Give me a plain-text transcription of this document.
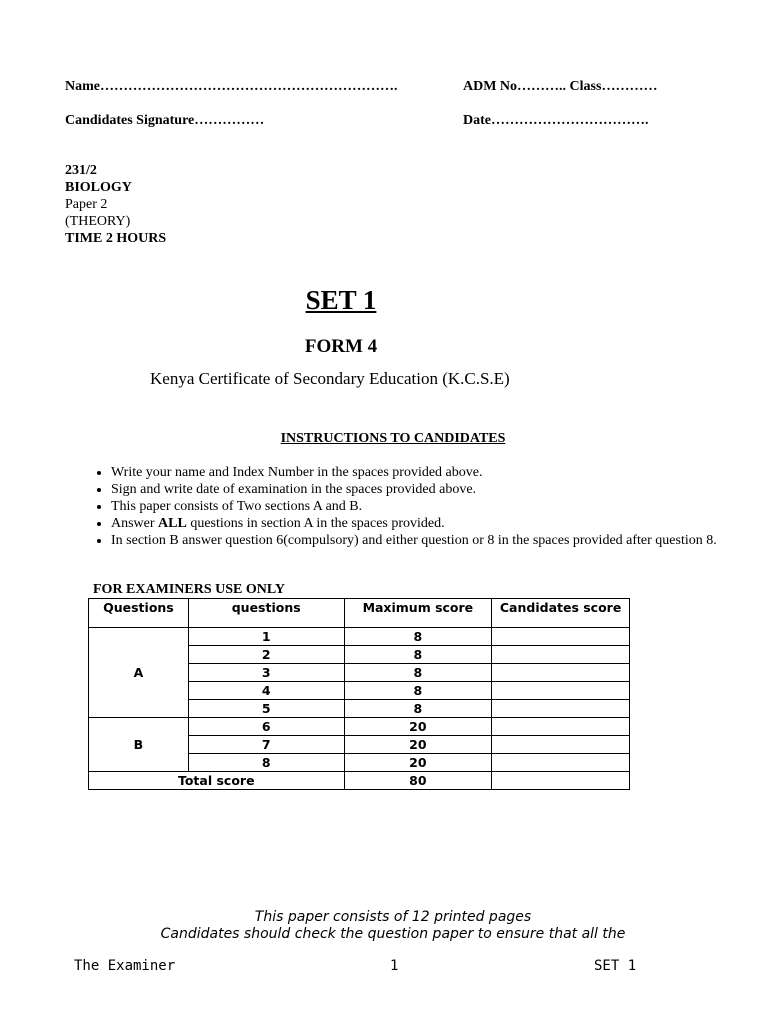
Name……………………………………………………….	ADM No……….. Class…………
Candidates Signature……………	Date…………………………….
231/2
BIOLOGY
Paper 2
(THEORY)
TIME 2 HOURS
SET 1
FORM 4
Kenya Certificate of Secondary Education (K.C.S.E)
INSTRUCTIONS TO CANDIDATES
• Write your name and Index Number in the spaces provided above.
• Sign and write date of examination in the spaces provided above.
• This paper consists of Two sections A and B.
• Answer ALL questions in section A in the spaces provided.
• In section B answer question 6(compulsory) and either question or 8 in the spaces provided after question 8.
FOR EXAMINERS USE ONLY
Questions	questions	Maximum score	Candidates score
A	1	8	
	2	8	
	3	8	
	4	8	
	5	8	
B	6	20	
	7	20	
	8	20	
Total score		80	
This paper consists of 12 printed pages
Candidates should check the question paper to ensure that all the
The Examiner	1	SET 1
